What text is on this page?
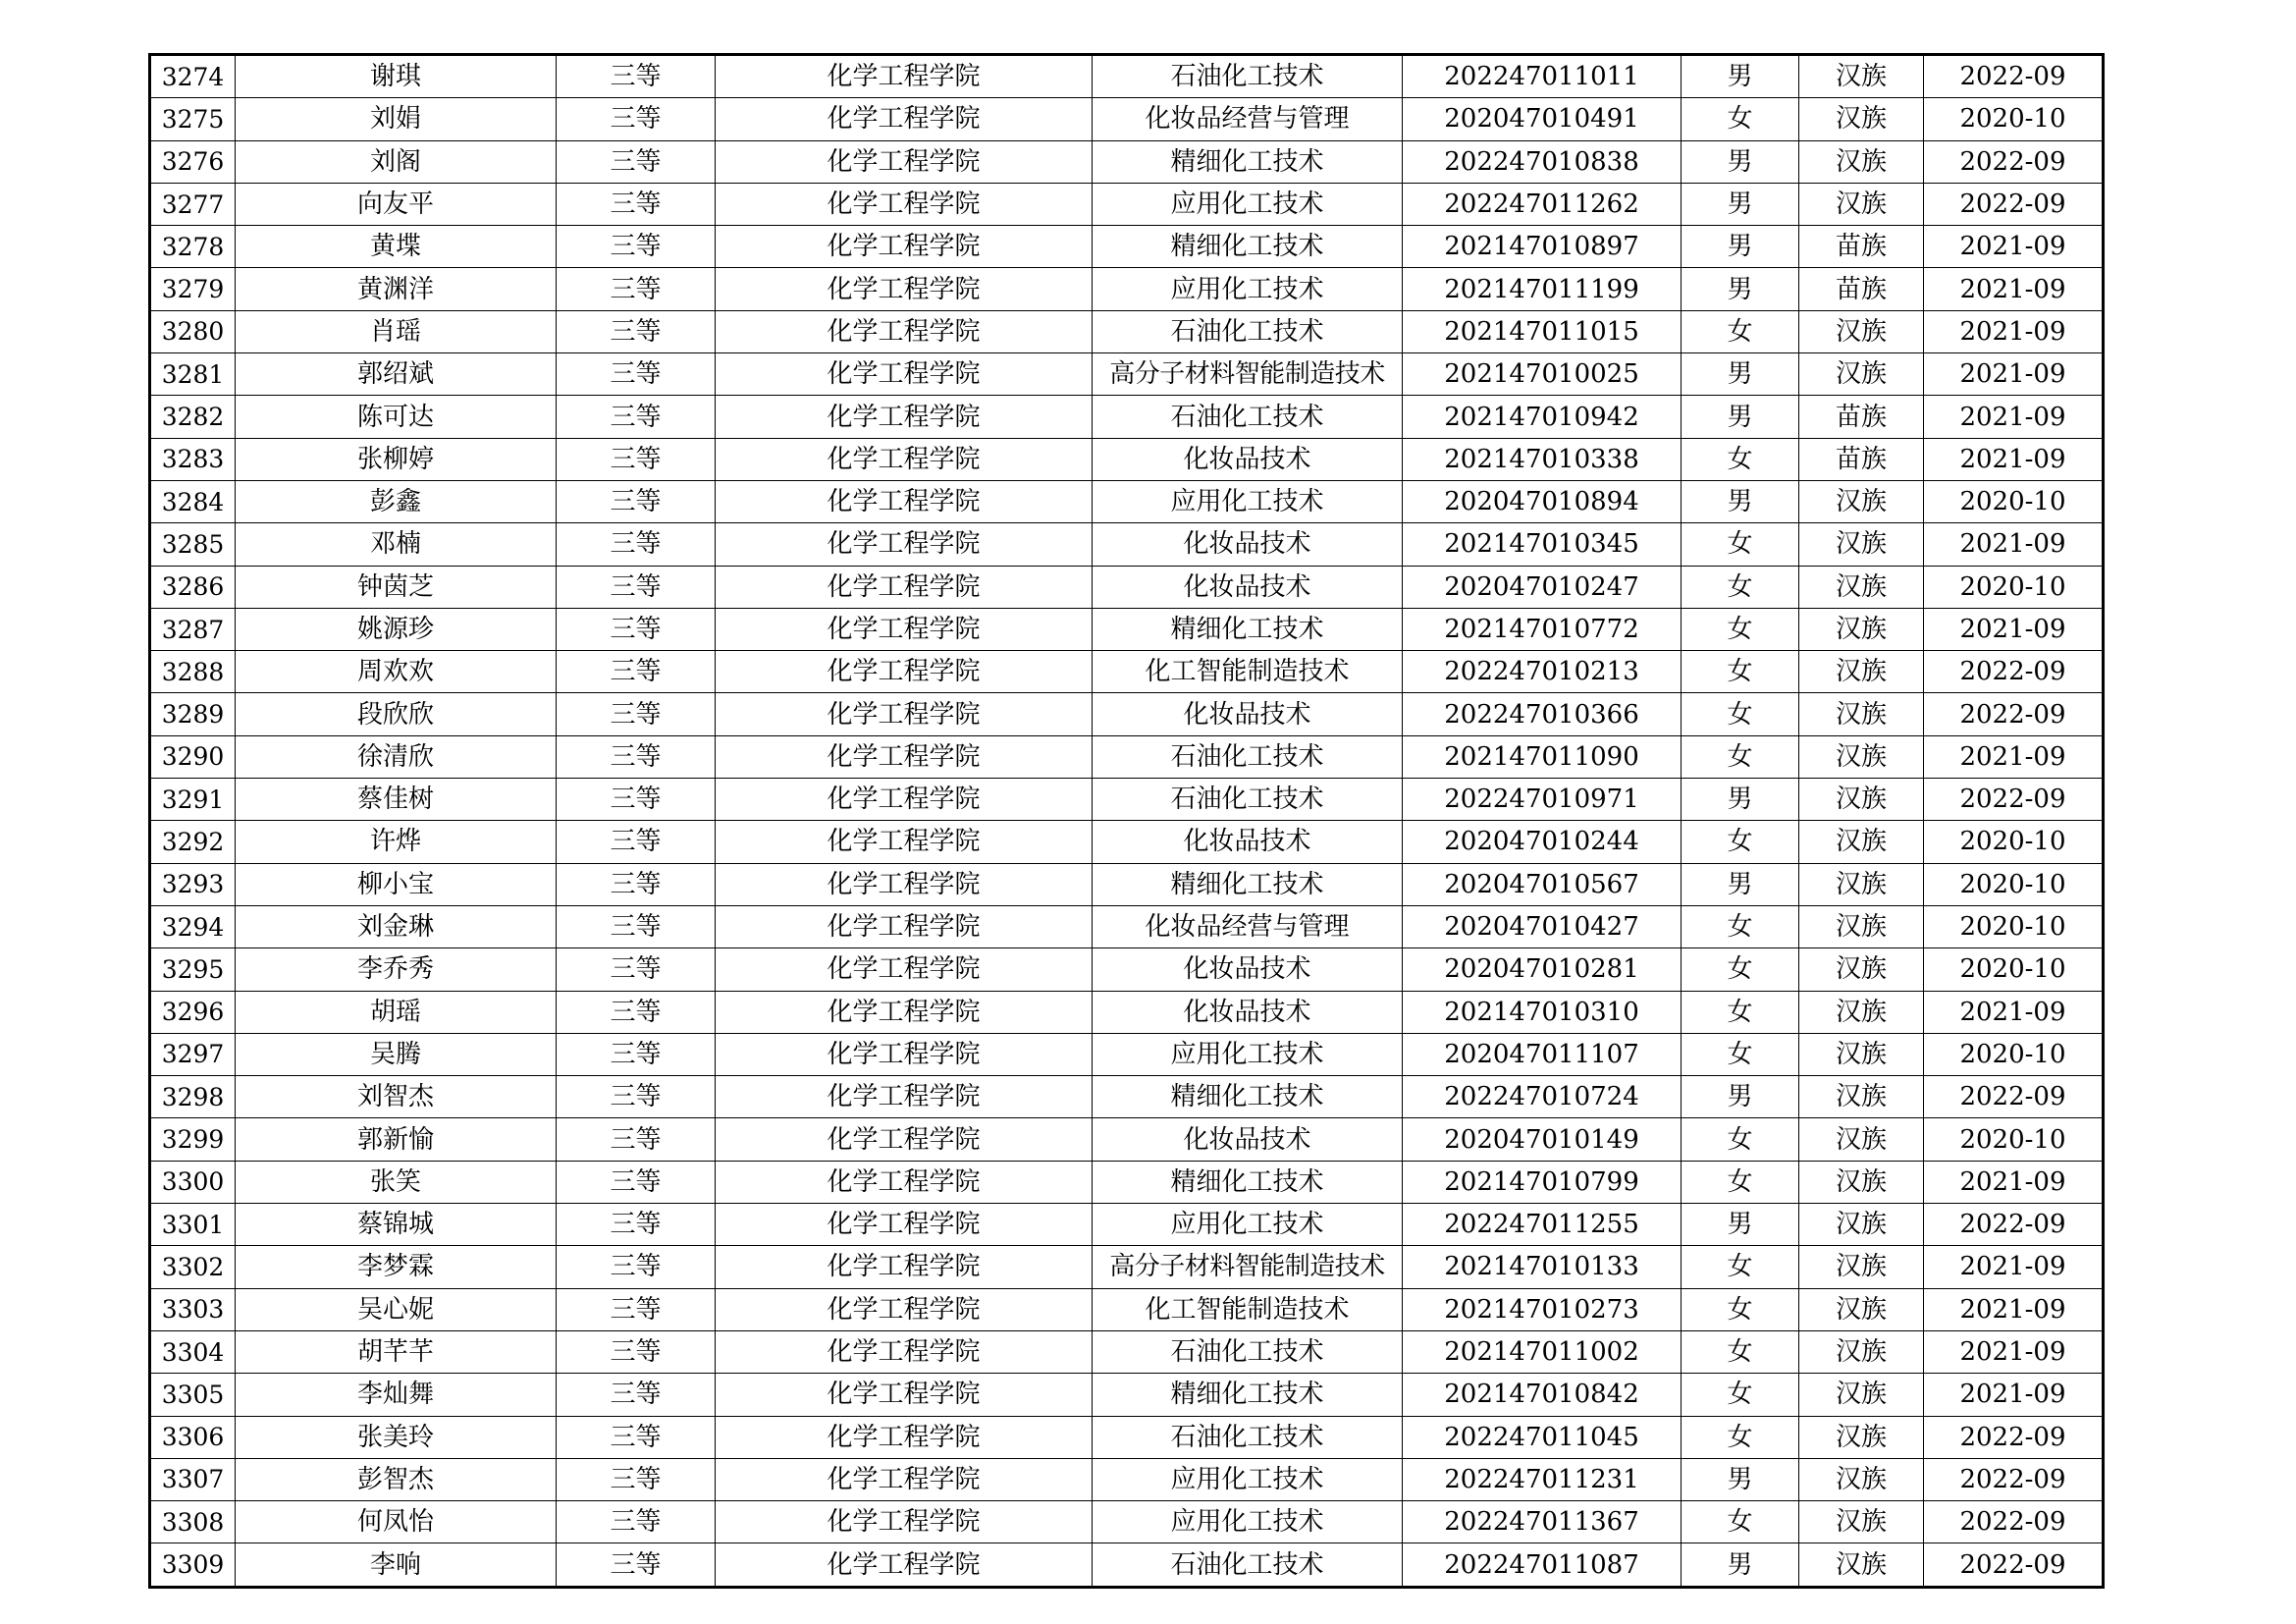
3274	谢琪	三等	化学工程学院	石油化工技术	202247011011	男	汉族	2022-09
3275	刘娟	三等	化学工程学院	化妆品经营与管理	202047010491	女	汉族	2020-10
3276	刘阁	三等	化学工程学院	精细化工技术	202247010838	男	汉族	2022-09
3277	向友平	三等	化学工程学院	应用化工技术	202247011262	男	汉族	2022-09
3278	黄堞	三等	化学工程学院	精细化工技术	202147010897	男	苗族	2021-09
3279	黄渊洋	三等	化学工程学院	应用化工技术	202147011199	男	苗族	2021-09
3280	肖瑶	三等	化学工程学院	石油化工技术	202147011015	女	汉族	2021-09
3281	郭绍斌	三等	化学工程学院	高分子材料智能制造技术	202147010025	男	汉族	2021-09
3282	陈可达	三等	化学工程学院	石油化工技术	202147010942	男	苗族	2021-09
3283	张柳婷	三等	化学工程学院	化妆品技术	202147010338	女	苗族	2021-09
3284	彭鑫	三等	化学工程学院	应用化工技术	202047010894	男	汉族	2020-10
3285	邓楠	三等	化学工程学院	化妆品技术	202147010345	女	汉族	2021-09
3286	钟茵芝	三等	化学工程学院	化妆品技术	202047010247	女	汉族	2020-10
3287	姚源珍	三等	化学工程学院	精细化工技术	202147010772	女	汉族	2021-09
3288	周欢欢	三等	化学工程学院	化工智能制造技术	202247010213	女	汉族	2022-09
3289	段欣欣	三等	化学工程学院	化妆品技术	202247010366	女	汉族	2022-09
3290	徐清欣	三等	化学工程学院	石油化工技术	202147011090	女	汉族	2021-09
3291	蔡佳树	三等	化学工程学院	石油化工技术	202247010971	男	汉族	2022-09
3292	许烨	三等	化学工程学院	化妆品技术	202047010244	女	汉族	2020-10
3293	柳小宝	三等	化学工程学院	精细化工技术	202047010567	男	汉族	2020-10
3294	刘金琳	三等	化学工程学院	化妆品经营与管理	202047010427	女	汉族	2020-10
3295	李乔秀	三等	化学工程学院	化妆品技术	202047010281	女	汉族	2020-10
3296	胡瑶	三等	化学工程学院	化妆品技术	202147010310	女	汉族	2021-09
3297	吴腾	三等	化学工程学院	应用化工技术	202047011107	女	汉族	2020-10
3298	刘智杰	三等	化学工程学院	精细化工技术	202247010724	男	汉族	2022-09
3299	郭新愉	三等	化学工程学院	化妆品技术	202047010149	女	汉族	2020-10
3300	张笑	三等	化学工程学院	精细化工技术	202147010799	女	汉族	2021-09
3301	蔡锦城	三等	化学工程学院	应用化工技术	202247011255	男	汉族	2022-09
3302	李梦霖	三等	化学工程学院	高分子材料智能制造技术	202147010133	女	汉族	2021-09
3303	吴心妮	三等	化学工程学院	化工智能制造技术	202147010273	女	汉族	2021-09
3304	胡芊芊	三等	化学工程学院	石油化工技术	202147011002	女	汉族	2021-09
3305	李灿舞	三等	化学工程学院	精细化工技术	202147010842	女	汉族	2021-09
3306	张美玲	三等	化学工程学院	石油化工技术	202247011045	女	汉族	2022-09
3307	彭智杰	三等	化学工程学院	应用化工技术	202247011231	男	汉族	2022-09
3308	何凤怡	三等	化学工程学院	应用化工技术	202247011367	女	汉族	2022-09
3309	李响	三等	化学工程学院	石油化工技术	202247011087	男	汉族	2022-09
